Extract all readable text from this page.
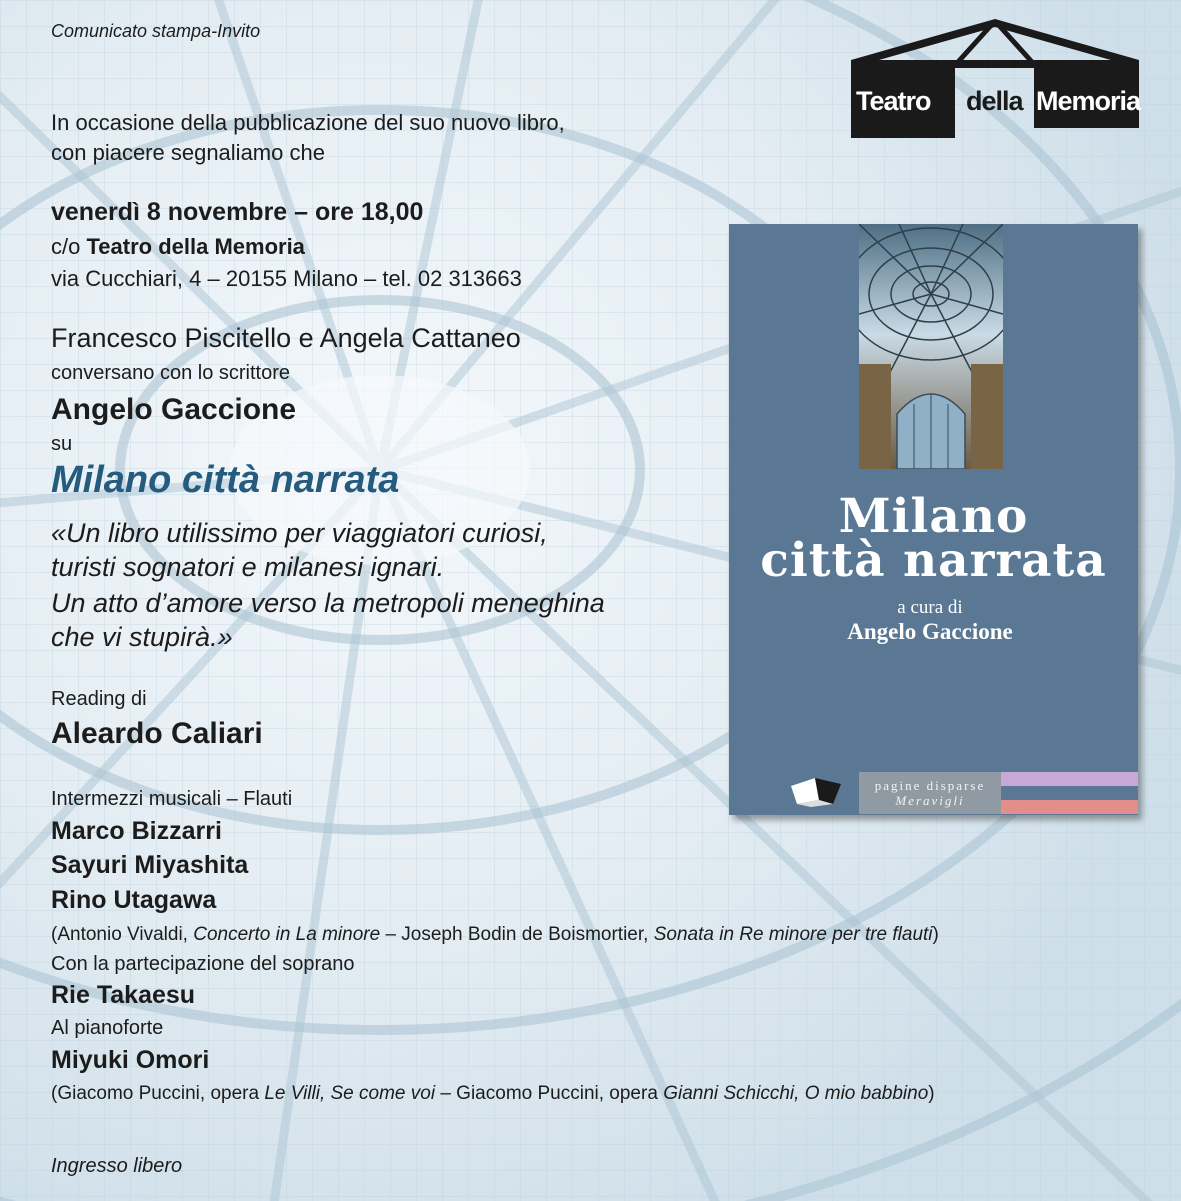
Comunicato stampa-Invito

Teatro della Memoria

In occasione della pubblicazione del suo nuovo libro,

con piacere segnaliamo che

venerdì 8 novembre – ore 18,00

c/o Teatro della Memoria

via Cucchiari, 4 – 20155 Milano – tel. 02 313663

Francesco Piscitello e Angela Cattaneo

conversano con lo scrittore

Angelo Gaccione

su

Milano città narrata

«Un libro utilissimo per viaggiatori curiosi,

turisti sognatori e milanesi ignari.

Un atto d’amore verso la metropoli meneghina

che vi stupirà.»

Reading di

Aleardo Caliari

Intermezzi musicali – Flauti

Marco Bizzarri

Sayuri Miyashita

Rino Utagawa

(Antonio Vivaldi, Concerto in La minore – Joseph Bodin de Boismortier, Sonata in Re minore per tre flauti)

Con la partecipazione del soprano

Rie Takaesu

Al pianoforte

Miyuki Omori

(Giacomo Puccini, opera Le Villi, Se come voi – Giacomo Puccini, opera Gianni Schicchi, O mio babbino)

Ingresso libero

Milano
città narrata
a cura di
Angelo Gaccione
pagine disparse
Meravigli
